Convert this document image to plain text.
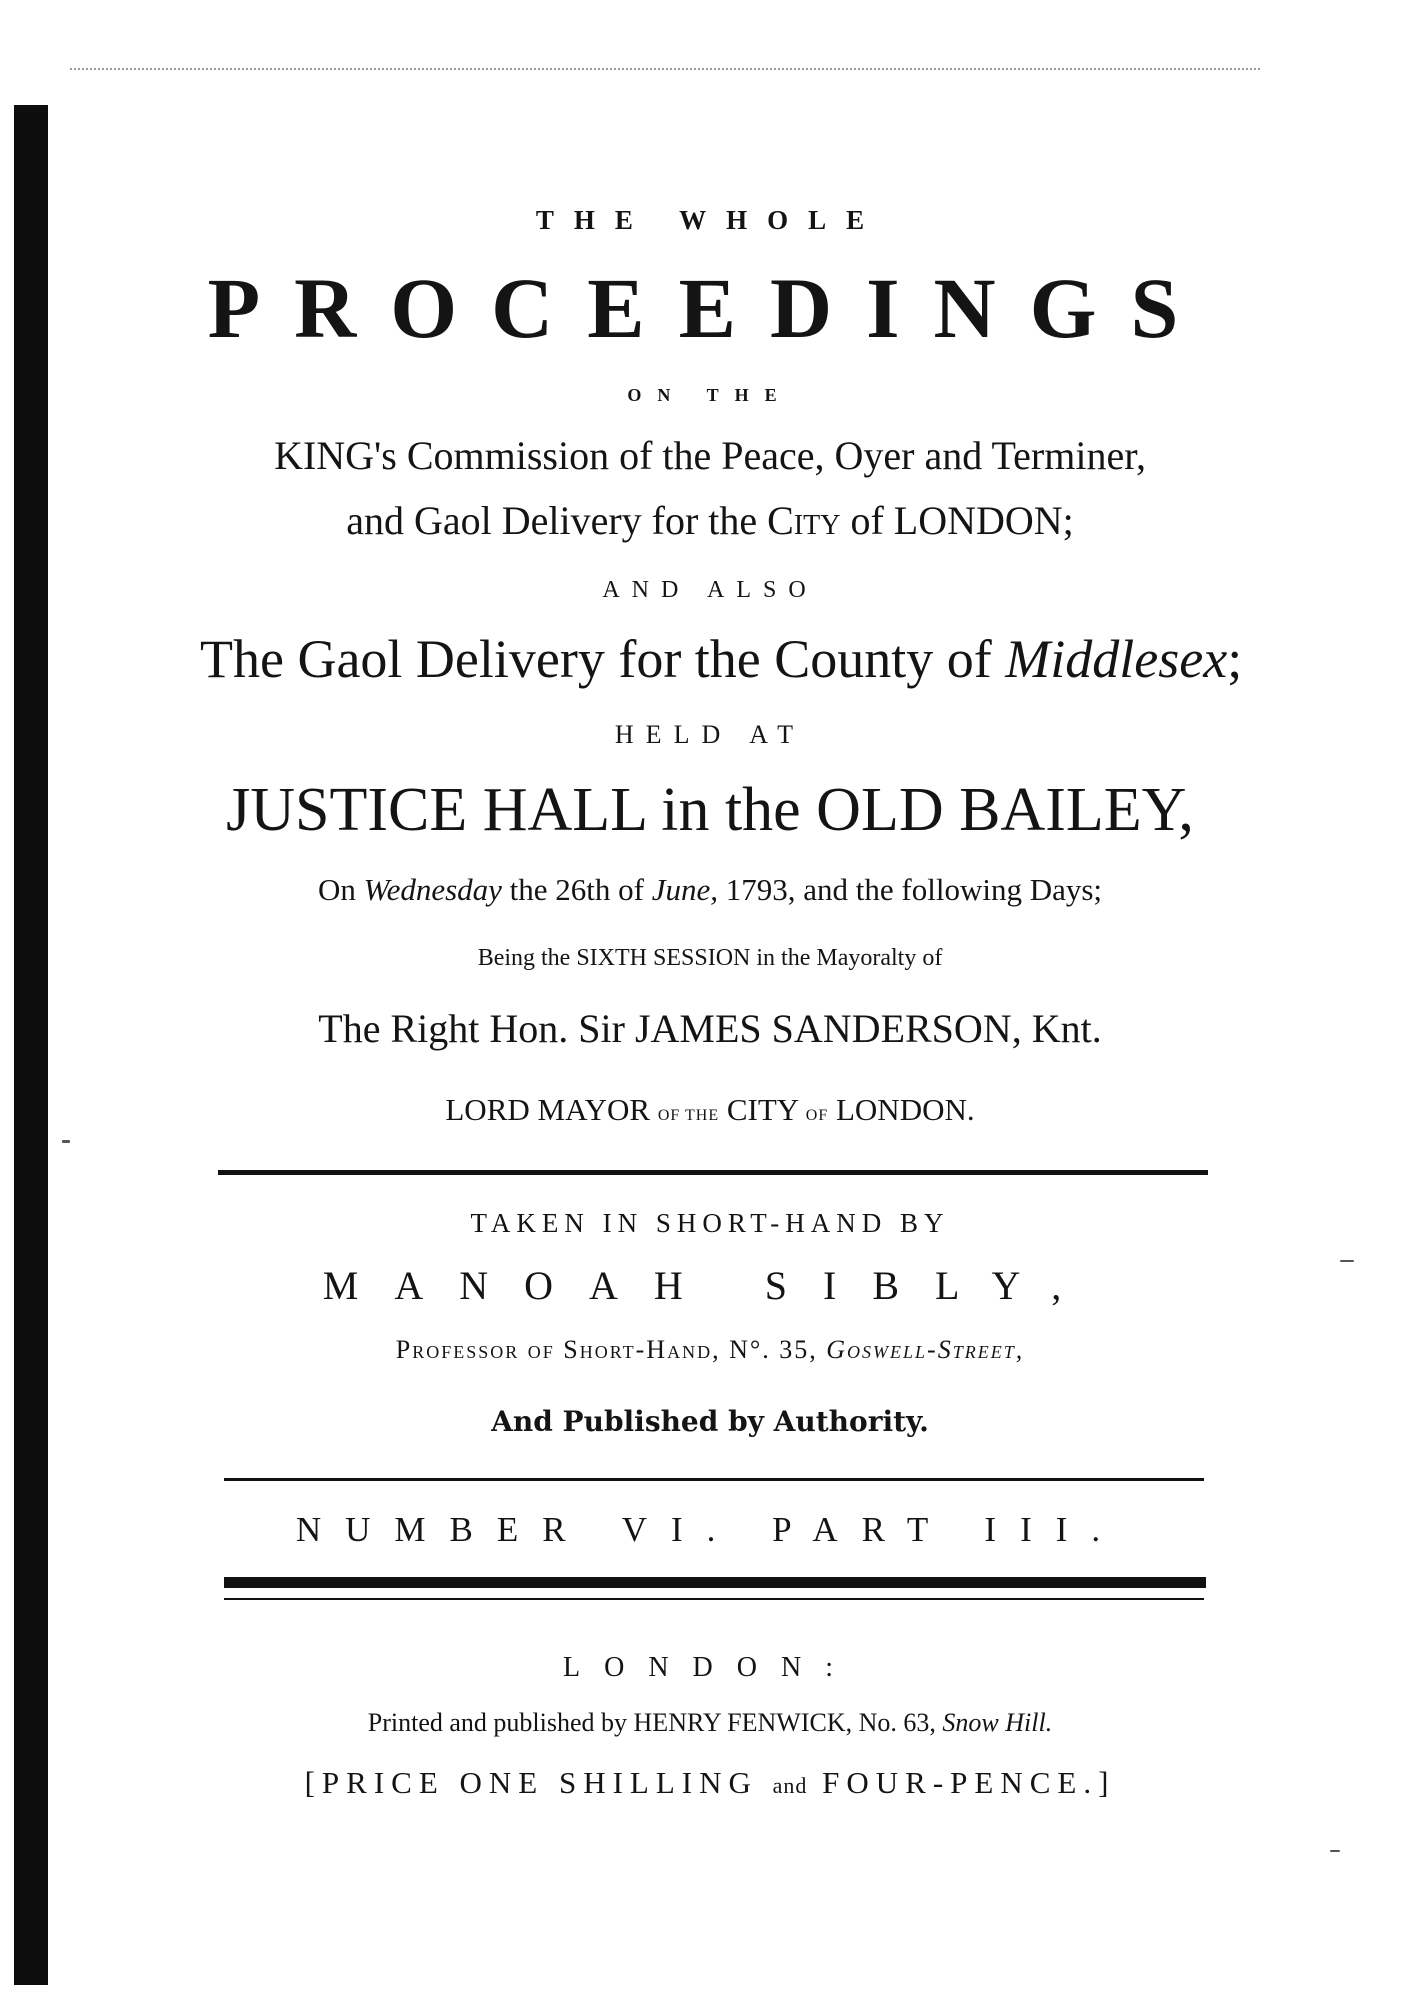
THE WHOLE
PROCEEDINGS
ON THE
KING's Commission of the Peace, Oyer and Terminer,
and Gaol Delivery for the City of LONDON;
AND ALSO
The Gaol Delivery for the County of Middlesex;
HELD AT
JUSTICE HALL in the OLD BAILEY,
On Wednesday the 26th of June, 1793, and the following Days;
Being the SIXTH SESSION in the Mayoralty of
The Right Hon. Sir JAMES SANDERSON, Knt.
LORD MAYOR OF THE CITY OF LONDON.
TAKEN IN SHORT-HAND BY
MANOAH SIBLY,
Professor of Short-Hand, N°. 35, Goswell-Street,
And Published by Authority.
NUMBER VI. PART III.
LONDON:
Printed and published by HENRY FENWICK, No. 63, Snow Hill.
[PRICE ONE SHILLING and FOUR-PENCE.]
